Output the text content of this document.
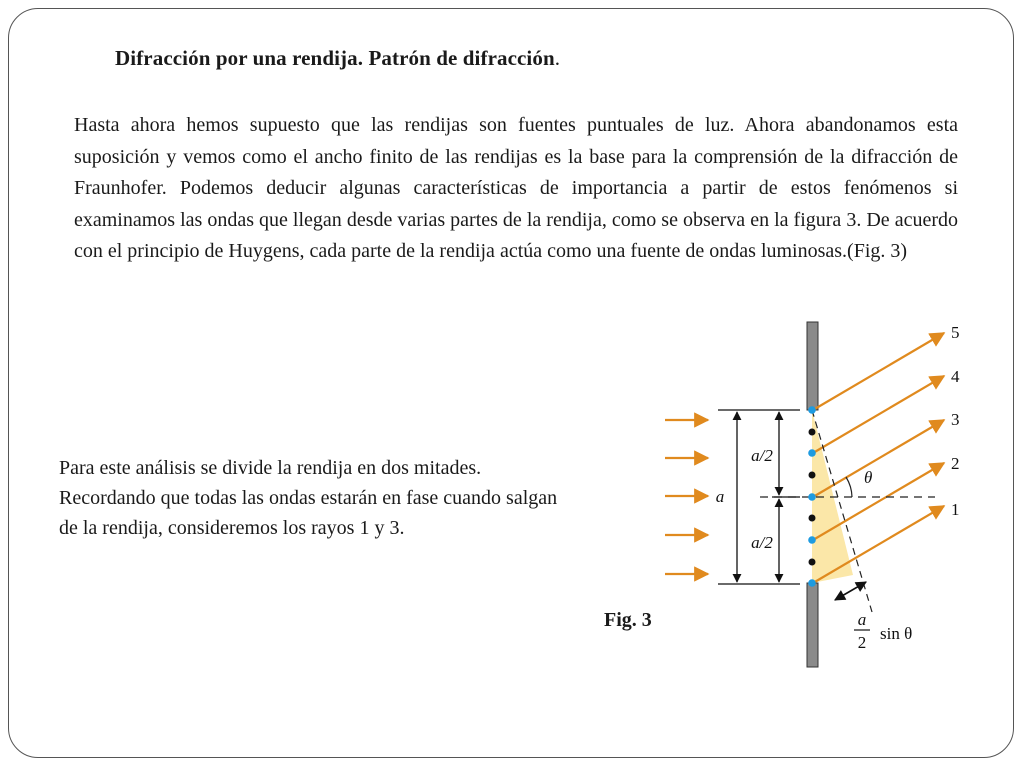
Difracción por una rendija. Patrón de difracción.
Hasta ahora hemos supuesto que las rendijas son fuentes puntuales de luz. Ahora abandonamos esta suposición y vemos como el ancho finito de las rendijas es la base para la comprensión de la difracción de Fraunhofer. Podemos deducir algunas características de importancia a partir de estos fenómenos si examinamos las ondas que llegan desde varias partes de la rendija, como se observa en la figura 3. De acuerdo con el principio de Huygens, cada parte de la rendija actúa como una fuente de ondas luminosas.(Fig. 3)
Para este análisis se divide la rendija en dos mitades.
Recordando que todas las ondas estarán en fase cuando salgan
de la rendija, consideremos los rayos 1 y 3.
5
4
3
2
1
a/2
a/2
a
θ
a
2 sin θ
Fig. 3
